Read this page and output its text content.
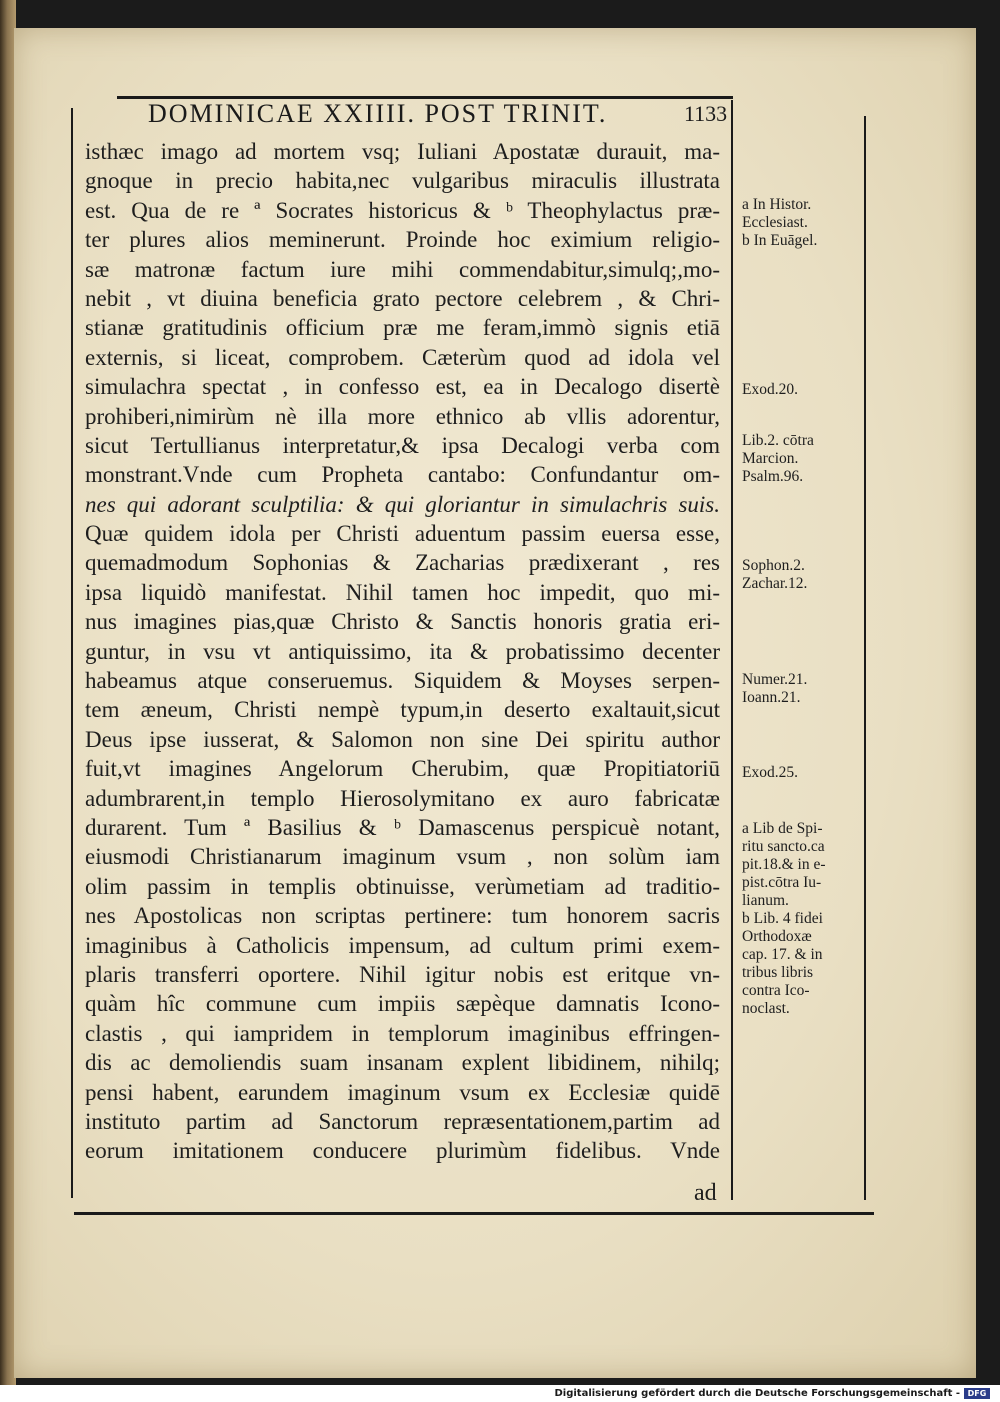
DOMINICAE XXIIII. POST TRINIT.	1133
isthæc imago ad mortem vsq; Iuliani Apostatæ durauit, ma-
gnoque in precio habita,nec vulgaribus miraculis illustrata
est. Qua de re ª Socrates historicus & ᵇ Theophylactus præ-
ter plures alios meminerunt. Proinde hoc eximium religio-
sæ matronæ factum iure mihi commendabitur,simulq;,mo-
nebit , vt diuina beneficia grato pectore celebrem , & Chri-
stianæ gratitudinis officium præ me feram,immò signis etiā
externis, si liceat, comprobem. Cæterùm quod ad idola vel
simulachra spectat , in confesso est, ea in Decalogo disertè
prohiberi,nimirùm nè illa more ethnico ab vllis adorentur,
sicut Tertullianus interpretatur,& ipsa Decalogi verba com
monstrant.Vnde cum Propheta cantabo: Confundantur om-
nes qui adorant sculptilia: & qui gloriantur in simulachris suis.
Quæ quidem idola per Christi aduentum passim euersa esse,
quemadmodum Sophonias & Zacharias prædixerant , res
ipsa liquidò manifestat. Nihil tamen hoc impedit, quo mi-
nus imagines pias,quæ Christo & Sanctis honoris gratia eri-
guntur, in vsu vt antiquissimo, ita & probatissimo decenter
habeamus atque conseruemus. Siquidem & Moyses serpen-
tem æneum, Christi nempè typum,in deserto exaltauit,sicut
Deus ipse iusserat, & Salomon non sine Dei spiritu author
fuit,vt imagines Angelorum Cherubim, quæ Propitiatoriū
adumbrarent,in templo Hierosolymitano ex auro fabricatæ
durarent. Tum ª Basilius & ᵇ Damascenus perspicuè notant,
eiusmodi Christianarum imaginum vsum , non solùm iam
olim passim in templis obtinuisse, verùmetiam ad traditio-
nes Apostolicas non scriptas pertinere: tum honorem sacris
imaginibus à Catholicis impensum, ad cultum primi exem-
plaris transferri oportere. Nihil igitur nobis est eritque vn-
quàm hîc commune cum impiis sæpèque damnatis Icono-
clastis , qui iampridem in templorum imaginibus effringen-
dis ac demoliendis suam insanam explent libidinem, nihilq;
pensi habent, earundem imaginum vsum ex Ecclesiæ quidē
instituto partim ad Sanctorum repræsentationem,partim ad
eorum imitationem conducere plurimùm fidelibus. Vnde
ad
a In Histor.
Ecclesiast.
b In Euāgel.
Exod.20.
Lib.2. cōtra
Marcion.
Psalm.96.
Sophon.2.
Zachar.12.
Numer.21.
Ioann.21.
Exod.25.
a Lib de Spi-
ritu sancto.ca
pit.18.& in e-
pist.cōtra Iu-
lianum.
b Lib. 4 fidei
Orthodoxæ
cap. 17. & in
tribus libris
contra Ico-
noclast.
Digitalisierung gefördert durch die Deutsche Forschungsgemeinschaft - DFG
